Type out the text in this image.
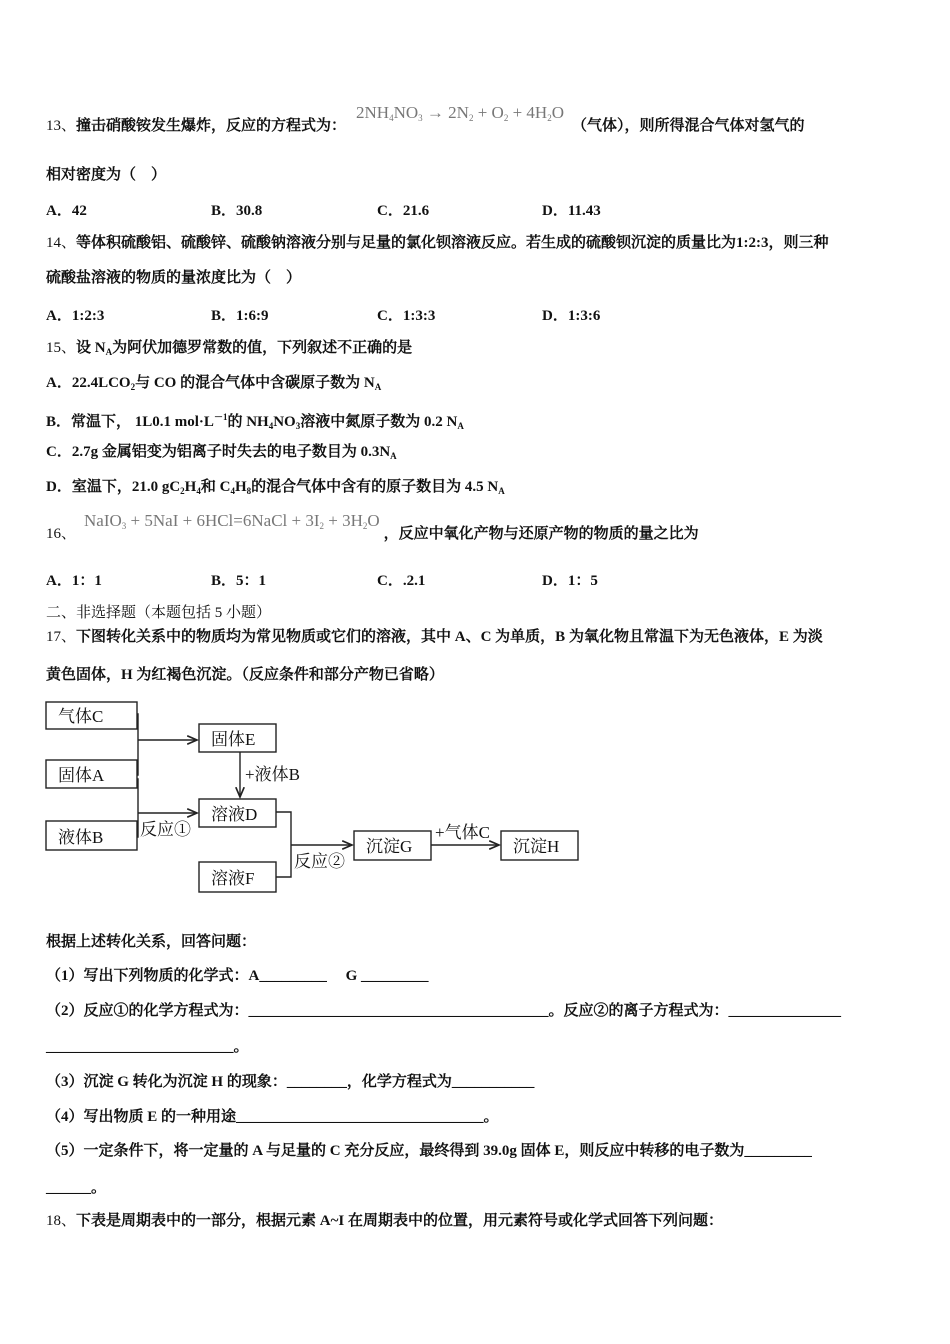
13、撞击硝酸铵发生爆炸，反应的方程式为：$2NH_4NO_3 \to 2N_2 + O_2 + 4H_2O$（气体），则所得混合气体对氢气的
相对密度为（　）
A．42	B．30.8	C．21.6	D．11.43
14、等体积硫酸铝、硫酸锌、硫酸钠溶液分别与足量的氯化钡溶液反应。若生成的硫酸钡沉淀的质量比为1:2:3，则三种
硫酸盐溶液的物质的量浓度比为（　）
A．1:2:3	B．1:6:9	C．1:3:3	D．1:3:6
15、设 $N_A$为阿伏加德罗常数的值，下列叙述不正确的是
A．$22.4LCO_2$与 CO 的混合气体中含碳原子数为 $N_A$
B．常温下， 1L0.1 $mol\cdot L^{-1}$的 $NH_4NO_3$溶液中氮原子数为 0.2 $N_A$
C．2.7g 金属铝变为铝离子时失去的电子数目为 $0.3N_A$
D．室温下，21.0 $gC_2H_4$和 $C_4H_8$的混合气体中含有的原子数目为 4.5 $N_A$
16、NaIO$_3$ + 5NaI + 6HCl=6NaCl + $3I_2 + 3H_2O$，反应中氧化产物与还原产物的物质的量之比为
A．1：1	B．5：1	C．.2.1	D．1：5
二、非选择题（本题包括 5 小题）
17、下图转化关系中的物质均为常见物质或它们的溶液，其中 A、C 为单质，B 为氧化物且常温下为无色液体，E 为淡
黄色固体，H 为红褐色沉淀。（反应条件和部分产物已省略）
气体C
固体A
液体B
固体E
溶液D
溶液F
沉淀G	沉淀H
+液体B
反应①
反应②
+气体C
根据上述转化关系，回答问题：
（1）写出下列物质的化学式：A_________　 G _________
（2）反应①的化学方程式为：________________________________________。反应②的离子方程式为：_______________
_________________________。
（3）沉淀 G 转化为沉淀 H 的现象：________，化学方程式为___________
（4）写出物质 E 的一种用途_________________________________。
（5）一定条件下，将一定量的 A 与足量的 C 充分反应，最终得到 39.0g 固体 E，则反应中转移的电子数为_________
______。
18、下表是周期表中的一部分，根据元素 A~I 在周期表中的位置，用元素符号或化学式回答下列问题：
